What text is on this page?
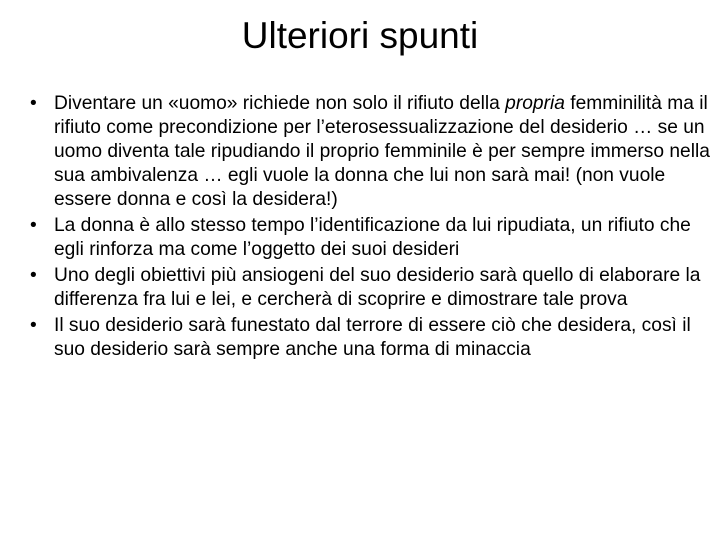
Ulteriori spunti
• Diventare un «uomo» richiede non solo il rifiuto della propria femminilità ma il rifiuto come precondizione per l’eterosessualizzazione del desiderio … se un uomo diventa tale ripudiando il proprio femminile è per sempre immerso nella sua ambivalenza … egli vuole la donna che lui non sarà mai! (non vuole essere donna e così la desidera!)
• La donna è allo stesso tempo l’identificazione da lui ripudiata, un rifiuto che egli rinforza ma come l’oggetto dei suoi desideri
• Uno degli obiettivi più ansiogeni del suo desiderio sarà quello di elaborare la differenza fra lui e lei, e cercherà di scoprire e dimostrare tale prova
• Il suo desiderio sarà funestato dal terrore di essere ciò che desidera, così il suo desiderio sarà sempre anche una forma di minaccia
